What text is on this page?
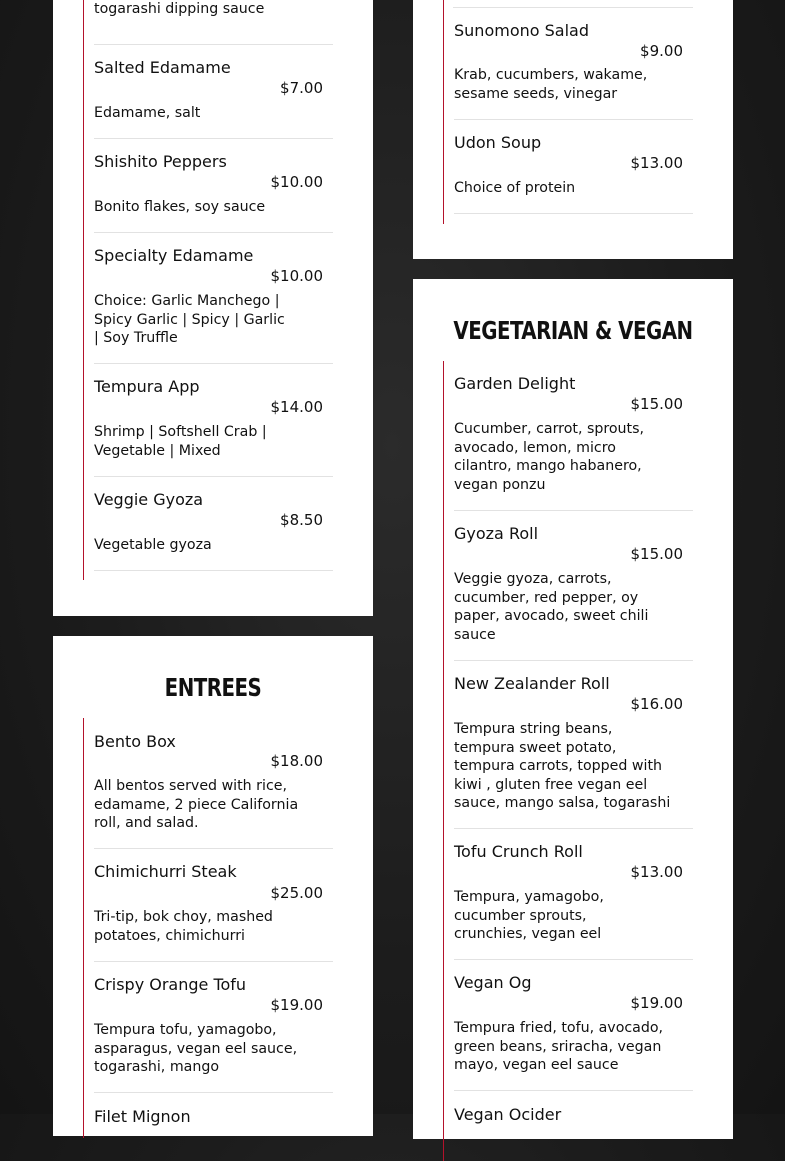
togarashi dipping sauce
Salted Edamame
$7.00
Edamame, salt
Shishito Peppers
$10.00
Bonito flakes, soy sauce
Specialty Edamame
$10.00
Choice: Garlic Manchego | Spicy Garlic | Spicy | Garlic | Soy Truffle
Tempura App
$14.00
Shrimp | Softshell Crab | Vegetable | Mixed
Veggie Gyoza
$8.50
Vegetable gyoza
Sunomono Salad
$9.00
Krab, cucumbers, wakame, sesame seeds, vinegar
Udon Soup
$13.00
Choice of protein
ENTREES
Bento Box
$18.00
All bentos served with rice, edamame, 2 piece California roll, and salad.
Chimichurri Steak
$25.00
Tri-tip, bok choy, mashed potatoes, chimichurri
Crispy Orange Tofu
$19.00
Tempura tofu, yamagobo, asparagus, vegan eel sauce, togarashi, mango
Filet Mignon
VEGETARIAN & VEGAN
Garden Delight
$15.00
Cucumber, carrot, sprouts, avocado, lemon, micro cilantro, mango habanero, vegan ponzu
Gyoza Roll
$15.00
Veggie gyoza, carrots, cucumber, red pepper, oy paper, avocado, sweet chili sauce
New Zealander Roll
$16.00
Tempura string beans, tempura sweet potato, tempura carrots, topped with kiwi , gluten free vegan eel sauce, mango salsa, togarashi
Tofu Crunch Roll
$13.00
Tempura, yamagobo, cucumber sprouts, crunchies, vegan eel
Vegan Og
$19.00
Tempura fried, tofu, avocado, green beans, sriracha, vegan mayo, vegan eel sauce
Vegan Ocider
